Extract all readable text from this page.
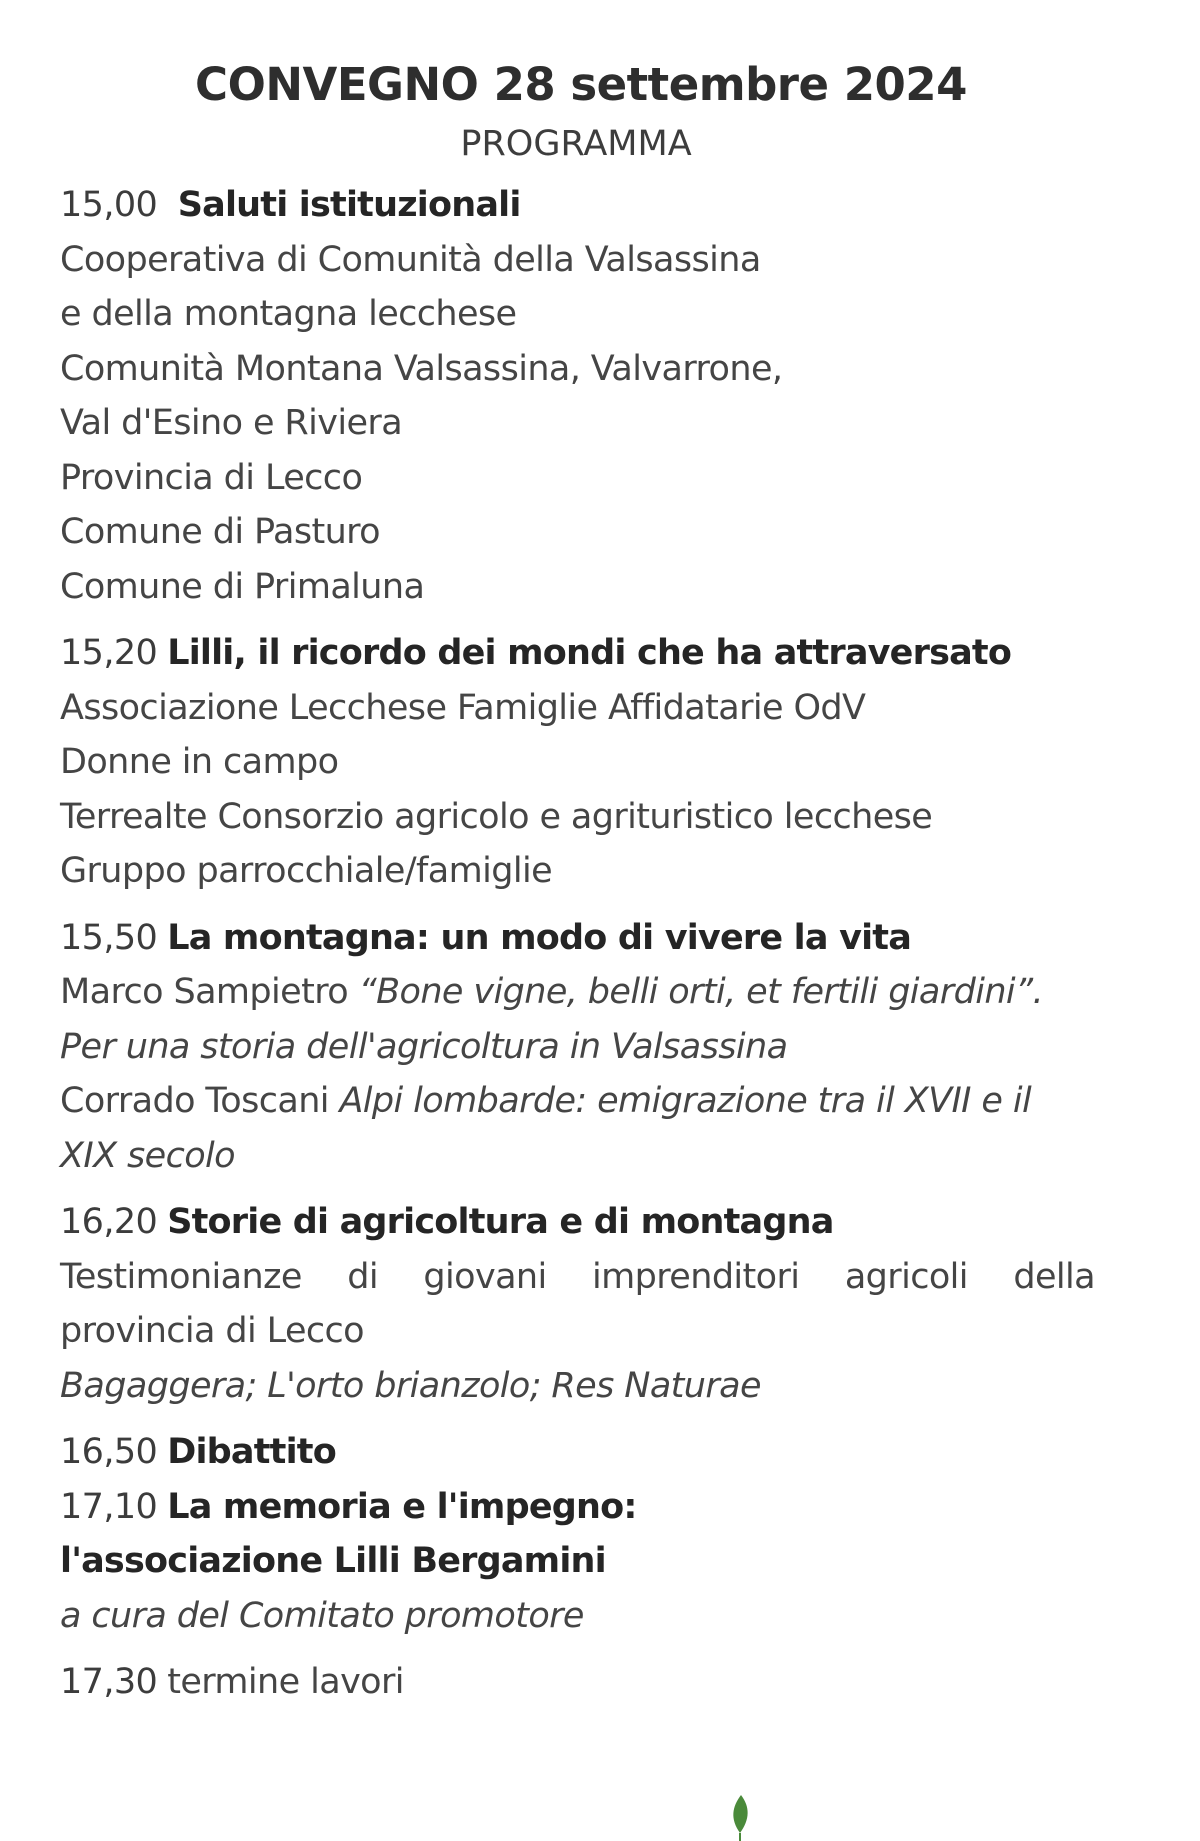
CONVEGNO 28 settembre 2024
PROGRAMMA
15,00 Saluti istituzionali
Cooperativa di Comunità della Valsassina
e della montagna lecchese
Comunità Montana Valsassina, Valvarrone,
Val d'Esino e Riviera
Provincia di Lecco
Comune di Pasturo
Comune di Primaluna
15,20 Lilli, il ricordo dei mondi che ha attraversato
Associazione Lecchese Famiglie Affidatarie OdV
Donne in campo
Terrealte Consorzio agricolo e agrituristico lecchese
Gruppo parrocchiale/famiglie
15,50 La montagna: un modo di vivere la vita
Marco Sampietro “Bone vigne, belli orti, et fertili giardini”.
Per una storia dell'agricoltura in Valsassina
Corrado Toscani Alpi lombarde: emigrazione tra il XVII e il
XIX secolo
16,20 Storie di agricoltura e di montagna
Testimonianze di giovani imprenditori agricoli della
provincia di Lecco
Bagaggera; L'orto brianzolo; Res Naturae
16,50 Dibattito
17,10 La memoria e l'impegno:
l'associazione Lilli Bergamini
a cura del Comitato promotore
17,30 termine lavori
